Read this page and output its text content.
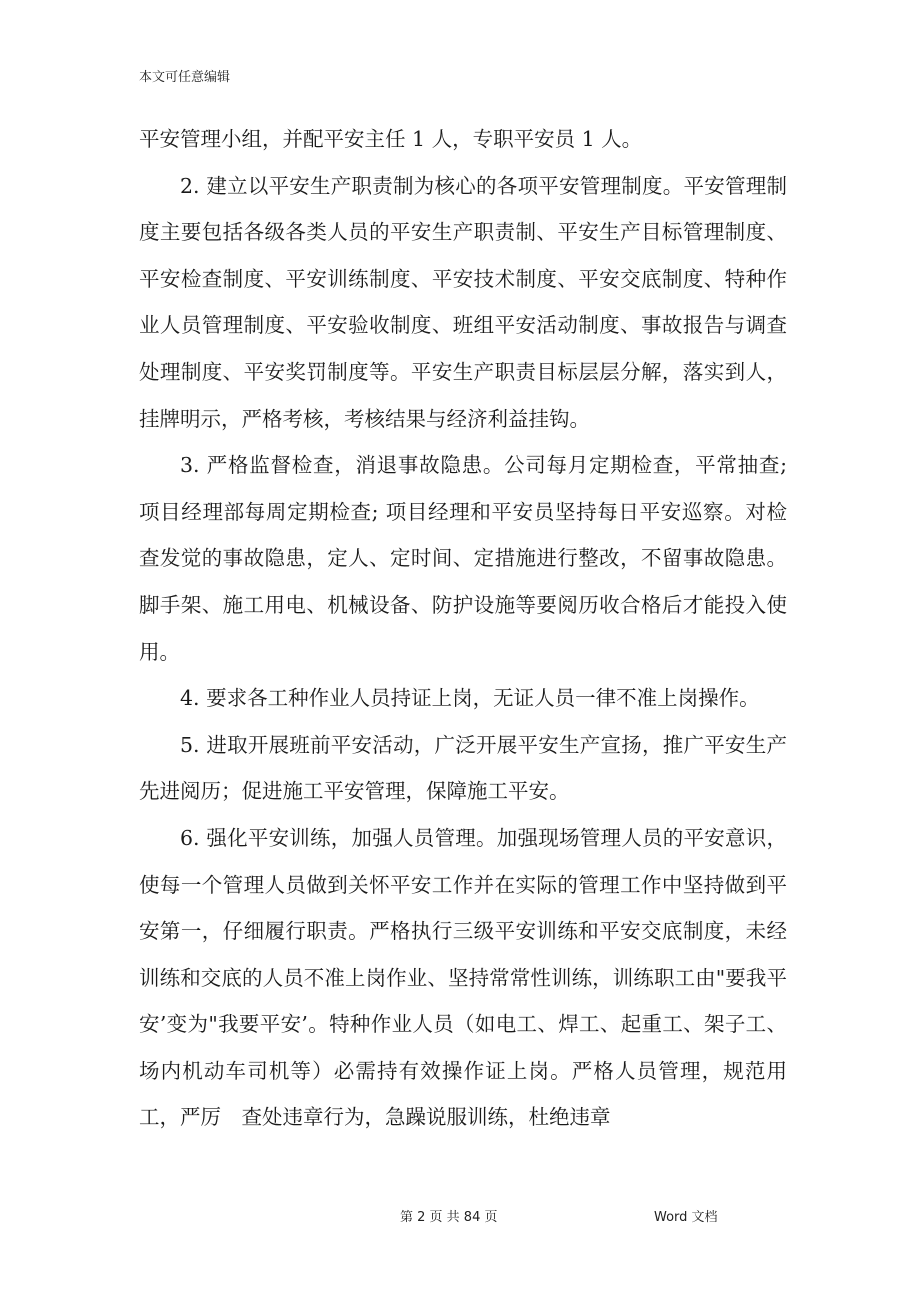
本文可任意编辑

平安管理小组，并配平安主任 1 人，专职平安员 1 人。

2. 建立以平安生产职责制为核心的各项平安管理制度。平安管理制度主要包括各级各类人员的平安生产职责制、平安生产目标管理制度、平安检查制度、平安训练制度、平安技术制度、平安交底制度、特种作业人员管理制度、平安验收制度、班组平安活动制度、事故报告与调查处理制度、平安奖罚制度等。平安生产职责目标层层分解，落实到人，挂牌明示，严格考核，考核结果与经济利益挂钩。

3. 严格监督检查，消退事故隐患。公司每月定期检查，平常抽查; 项目经理部每周定期检查; 项目经理和平安员坚持每日平安巡察。对检查发觉的事故隐患，定人、定时间、定措施进行整改，不留事故隐患。脚手架、施工用电、机械设备、防护设施等要阅历收合格后才能投入使用。

4. 要求各工种作业人员持证上岗，无证人员一律不准上岗操作。

5. 进取开展班前平安活动，广泛开展平安生产宣扬，推广平安生产先进阅历；促进施工平安管理，保障施工平安。

6. 强化平安训练，加强人员管理。加强现场管理人员的平安意识，使每一个管理人员做到关怀平安工作并在实际的管理工作中坚持做到平安第一，仔细履行职责。严格执行三级平安训练和平安交底制度，未经训练和交底的人员不准上岗作业、坚持常常性训练，训练职工由"要我平安’变为"我要平安’。特种作业人员（如电工、焊工、起重工、架子工、场内机动车司机等）必需持有效操作证上岗。严格人员管理，规范用工，严厉　查处违章行为，急躁说服训练，杜绝违章

第 2 页 共 84 页	Word 文档
